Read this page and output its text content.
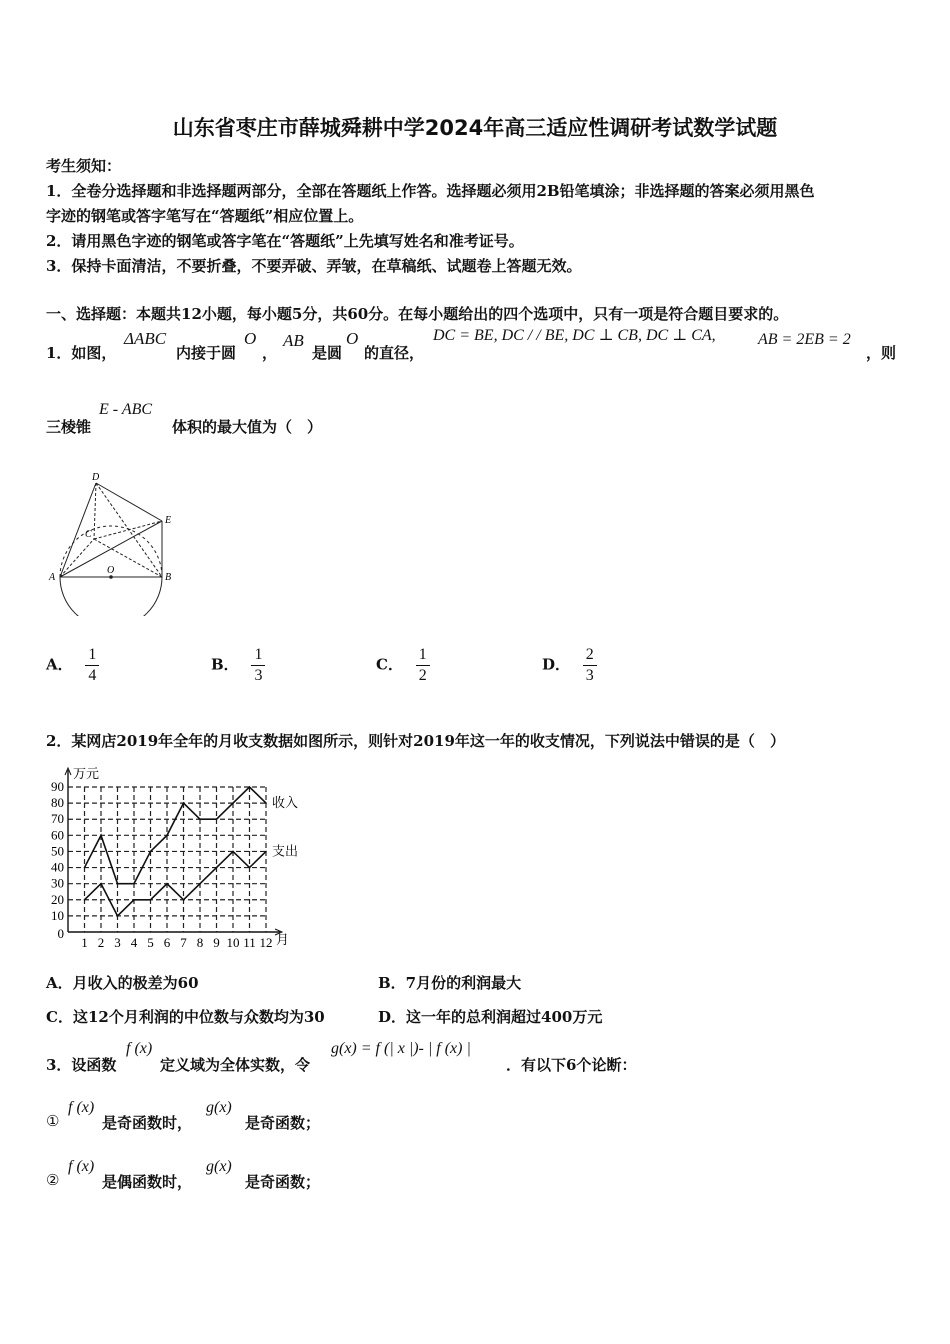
山东省枣庄市薛城舜耕中学2024年高三适应性调研考试数学试题
考生须知：
1．全卷分选择题和非选择题两部分，全部在答题纸上作答。选择题必须用2B铅笔填涂；非选择题的答案必须用黑色
字迹的钢笔或答字笔写在“答题纸”相应位置上。
2．请用黑色字迹的钢笔或答字笔在“答题纸”上先填写姓名和准考证号。
3．保持卡面清洁，不要折叠，不要弄破、弄皱，在草稿纸、试题卷上答题无效。
一、选择题：本题共12小题，每小题5分，共60分。在每小题给出的四个选项中，只有一项是符合题目要求的。
1．如图，
ΔABC
内接于圆
O
，
AB
是圆
O
的直径，
DC = BE, DC / / BE, DC ⊥ CB, DC ⊥ CA,	AB = 2EB = 2
，则
三棱锥
E - ABC
体积的最大值为（　）
D
E
C
A
O
B
A． $\frac{1}{4}$	B． $\frac{1}{3}$	C． $\frac{1}{2}$	D． $\frac{2}{3}$
2．某网店2019年全年的月收支数据如图所示，则针对2019年这一年的收支情况，下列说法中错误的是（　）
0
10
20
30
40
50
60
70
80
90
1 2 3 4 5 6 7 8 9 10 11 12
收入
支出
万元
月
A．月收入的极差为60	B．7月份的利润最大
C．这12个月利润的中位数与众数均为30	D．这一年的总利润超过400万元
3．设函数
f (x)
定义域为全体实数，令
g(x) = f (| x |)- | f (x) |
．有以下6个论断：
①
f (x)
是奇函数时，
g(x)
是奇函数；
②
f (x)
是偶函数时，
g(x)
是奇函数；
